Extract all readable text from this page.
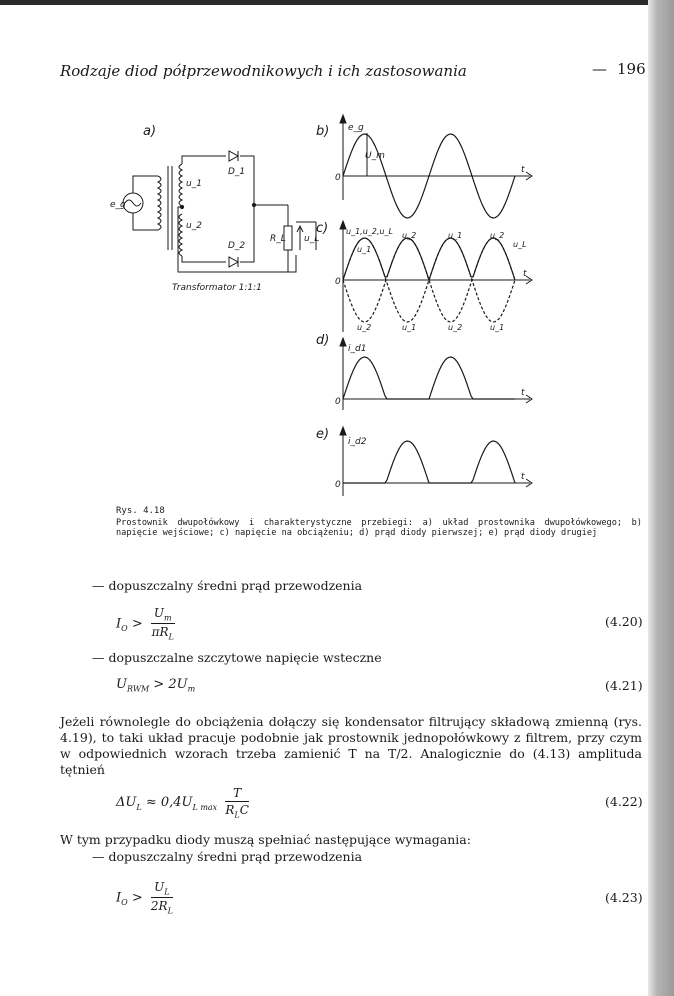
Rodzaje diod półprzewodnikowych i ich zastosowania	— 196
a)	b)
c)
d)
e)
e_g
u_1
u_2
D_1
D_2
R_L u_L
Transformator 1:1:1
e_g
U_m
t
0
u_1,u_2,u_L
u_1
u_2	u_1	u_2
u_L
u_2	u_1	u_2	u_1
t
0
i_d1
t
0
i_d2
t
0
Rys. 4.18
Prostownik dwupołówkowy i charakterystyczne przebiegi: a) układ prostownika dwupołówkowego; b) napięcie wejściowe; c) napięcie na obciążeniu; d) prąd diody pierwszej; e) prąd diody drugiej
— dopuszczalny średni prąd przewodzenia
$I_O > \frac{U_m}{\pi R_L}$	(4.20)
— dopuszczalne szczytowe napięcie wsteczne
$U_{RWM} > 2U_m$	(4.21)
Jeżeli równolegle do obciążenia dołączy się kondensator filtrujący składową zmienną (rys. 4.19), to taki układ pracuje podobnie jak prostownik jednopołówkowy z filtrem, przy czym w odpowiednich wzorach trzeba zamienić T na T/2. Analogicznie do (4.13) amplituda tętnień
$\Delta U_L \approx 0,4U_{L max} \frac{T}{R_LC}$	(4.22)
W tym przypadku diody muszą spełniać następujące wymagania:
— dopuszczalny średni prąd przewodzenia
$I_O > \frac{U_L}{2R_L}$	(4.23)
